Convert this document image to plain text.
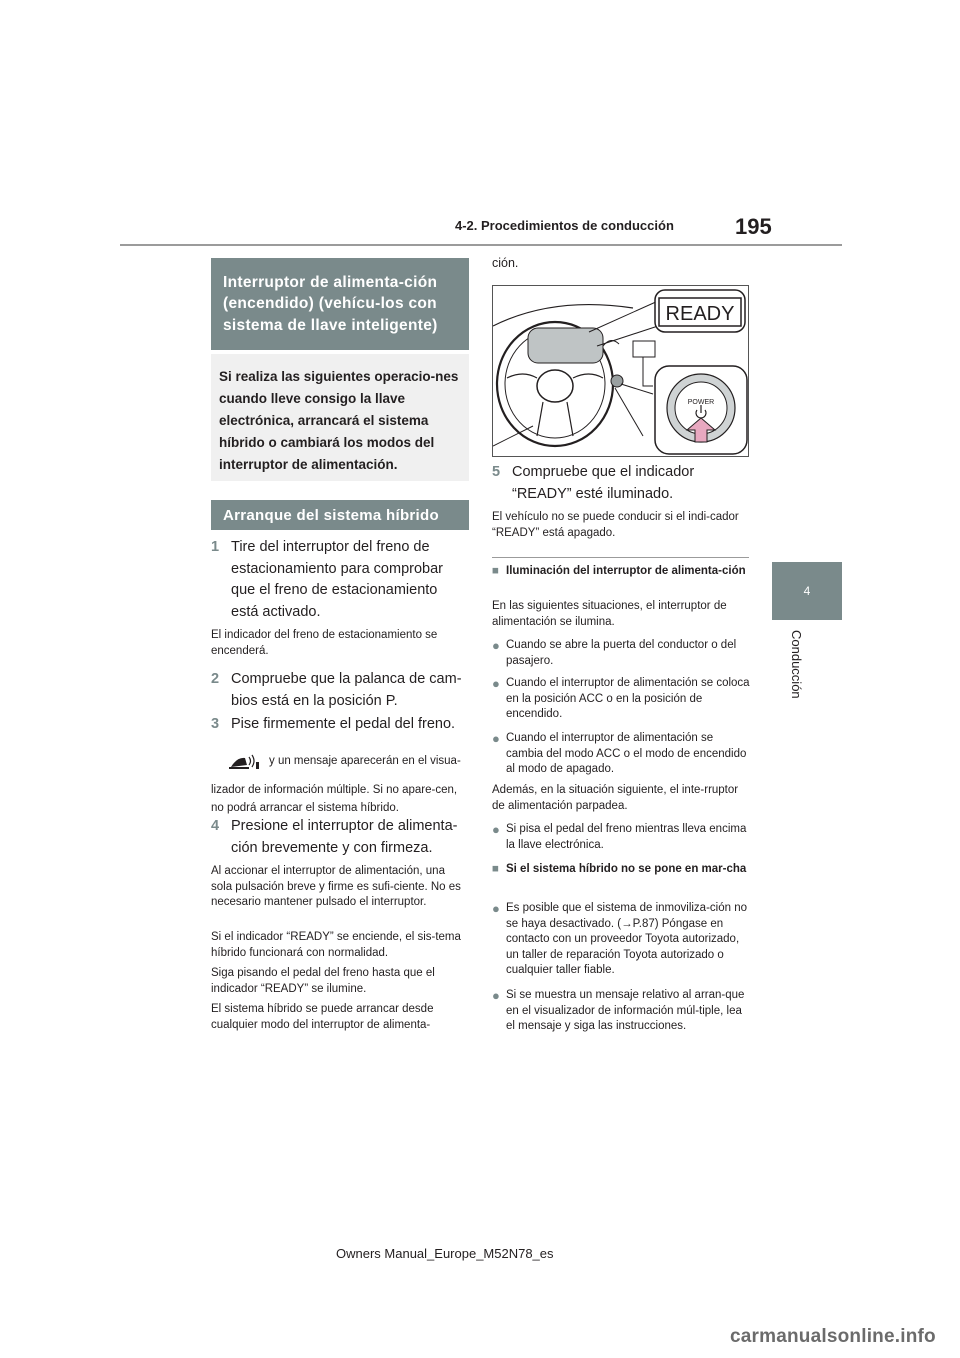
4-2. Procedimientos de conducción	195
4
Conducción
Interruptor de alimenta-ción (encendido) (vehícu-los con sistema de llave inteligente)
Si realiza las siguientes operacio-nes cuando lleve consigo la llave electrónica, arrancará el sistema híbrido o cambiará los modos del interruptor de alimentación.
Arranque del sistema híbrido
1 Tire del interruptor del freno de estacionamiento para comprobar que el freno de estacionamiento está activado.
El indicador del freno de estacionamiento se encenderá.
2 Compruebe que la palanca de cam-bios está en la posición P.
3 Pise firmemente el pedal del freno.
y un mensaje aparecerán en el visua-
lizador de información múltiple. Si no apare-cen, no podrá arrancar el sistema híbrido.
4 Presione el interruptor de alimenta-ción brevemente y con firmeza.
Al accionar el interruptor de alimentación, una sola pulsación breve y firme es sufi-ciente. No es necesario mantener pulsado el interruptor.
Si el indicador “READY” se enciende, el sis-tema híbrido funcionará con normalidad.
Siga pisando el pedal del freno hasta que el indicador “READY” se ilumine.
El sistema híbrido se puede arrancar desde cualquier modo del interruptor de alimenta-
ción.
READY
POWER
5 Compruebe que el indicador “READY” esté iluminado.
El vehículo no se puede conducir si el indi-cador “READY” está apagado.
■ Iluminación del interruptor de alimenta-ción
En las siguientes situaciones, el interruptor de alimentación se ilumina.
● Cuando se abre la puerta del conductor o del pasajero.
● Cuando el interruptor de alimentación se coloca en la posición ACC o en la posición de encendido.
● Cuando el interruptor de alimentación se cambia del modo ACC o el modo de encendido al modo de apagado.
Además, en la situación siguiente, el inte-rruptor de alimentación parpadea.
● Si pisa el pedal del freno mientras lleva encima la llave electrónica.
■ Si el sistema híbrido no se pone en mar-cha
● Es posible que el sistema de inmoviliza-ción no se haya desactivado. (→P.87) Póngase en contacto con un proveedor Toyota autorizado, un taller de reparación Toyota autorizado o cualquier taller fiable.
● Si se muestra un mensaje relativo al arran-que en el visualizador de información múl-tiple, lea el mensaje y siga las instrucciones.
Owners Manual_Europe_M52N78_es
carmanualsonline.info
